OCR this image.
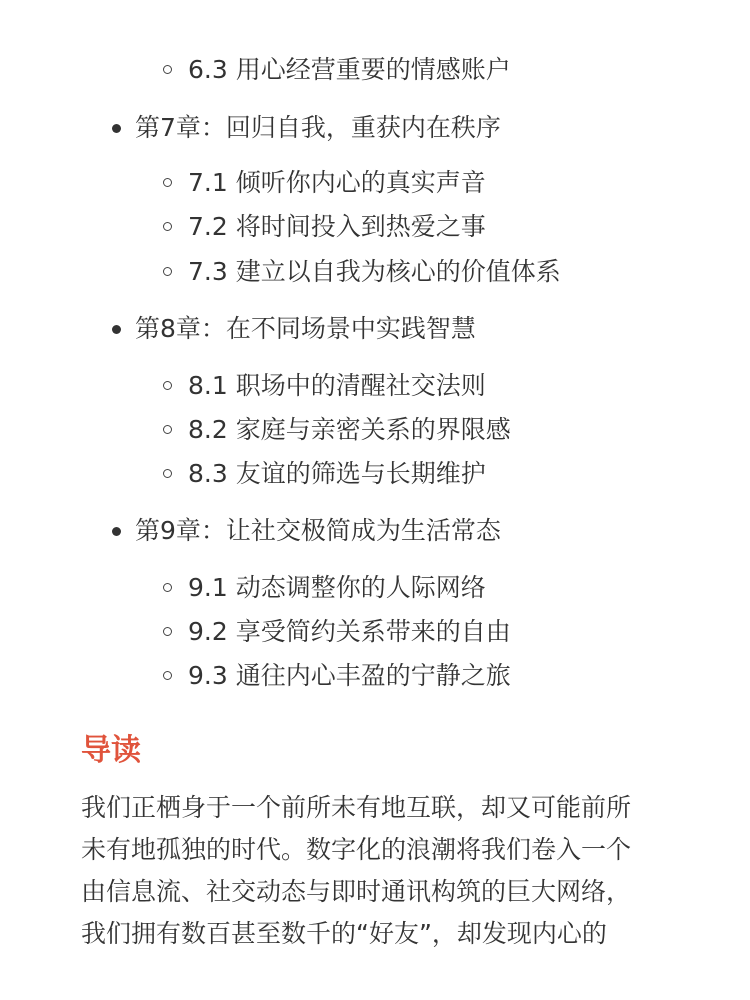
6.3 用心经营重要的情感账户
第7章：回归自我，重获内在秩序
7.1 倾听你内心的真实声音
7.2 将时间投入到热爱之事
7.3 建立以自我为核心的价值体系
第8章：在不同场景中实践智慧
8.1 职场中的清醒社交法则
8.2 家庭与亲密关系的界限感
8.3 友谊的筛选与长期维护
第9章：让社交极简成为生活常态
9.1 动态调整你的人际网络
9.2 享受简约关系带来的自由
9.3 通往内心丰盈的宁静之旅
导读

我们正栖身于一个前所未有地互联，却又可能前所
未有地孤独的时代。数字化的浪潮将我们卷入一个
由信息流、社交动态与即时通讯构筑的巨大网络，
我们拥有数百甚至数千的“好友”，却发现内心的
